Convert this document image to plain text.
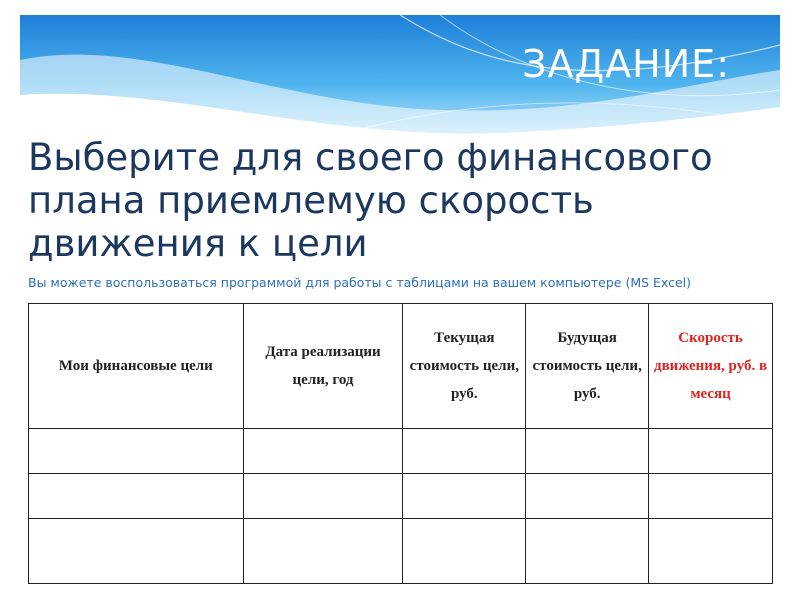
ЗАДАНИЕ:
Выберите для своего финансового плана приемлемую скорость движения к цели
Вы можете воспользоваться программой для работы с таблицами на вашем компьютере (MS Excel)
Мои финансовые цели	Дата реализации цели, год	Текущая стоимость цели, руб.	Будущая стоимость цели, руб.	Скорость движения, руб. в месяц
